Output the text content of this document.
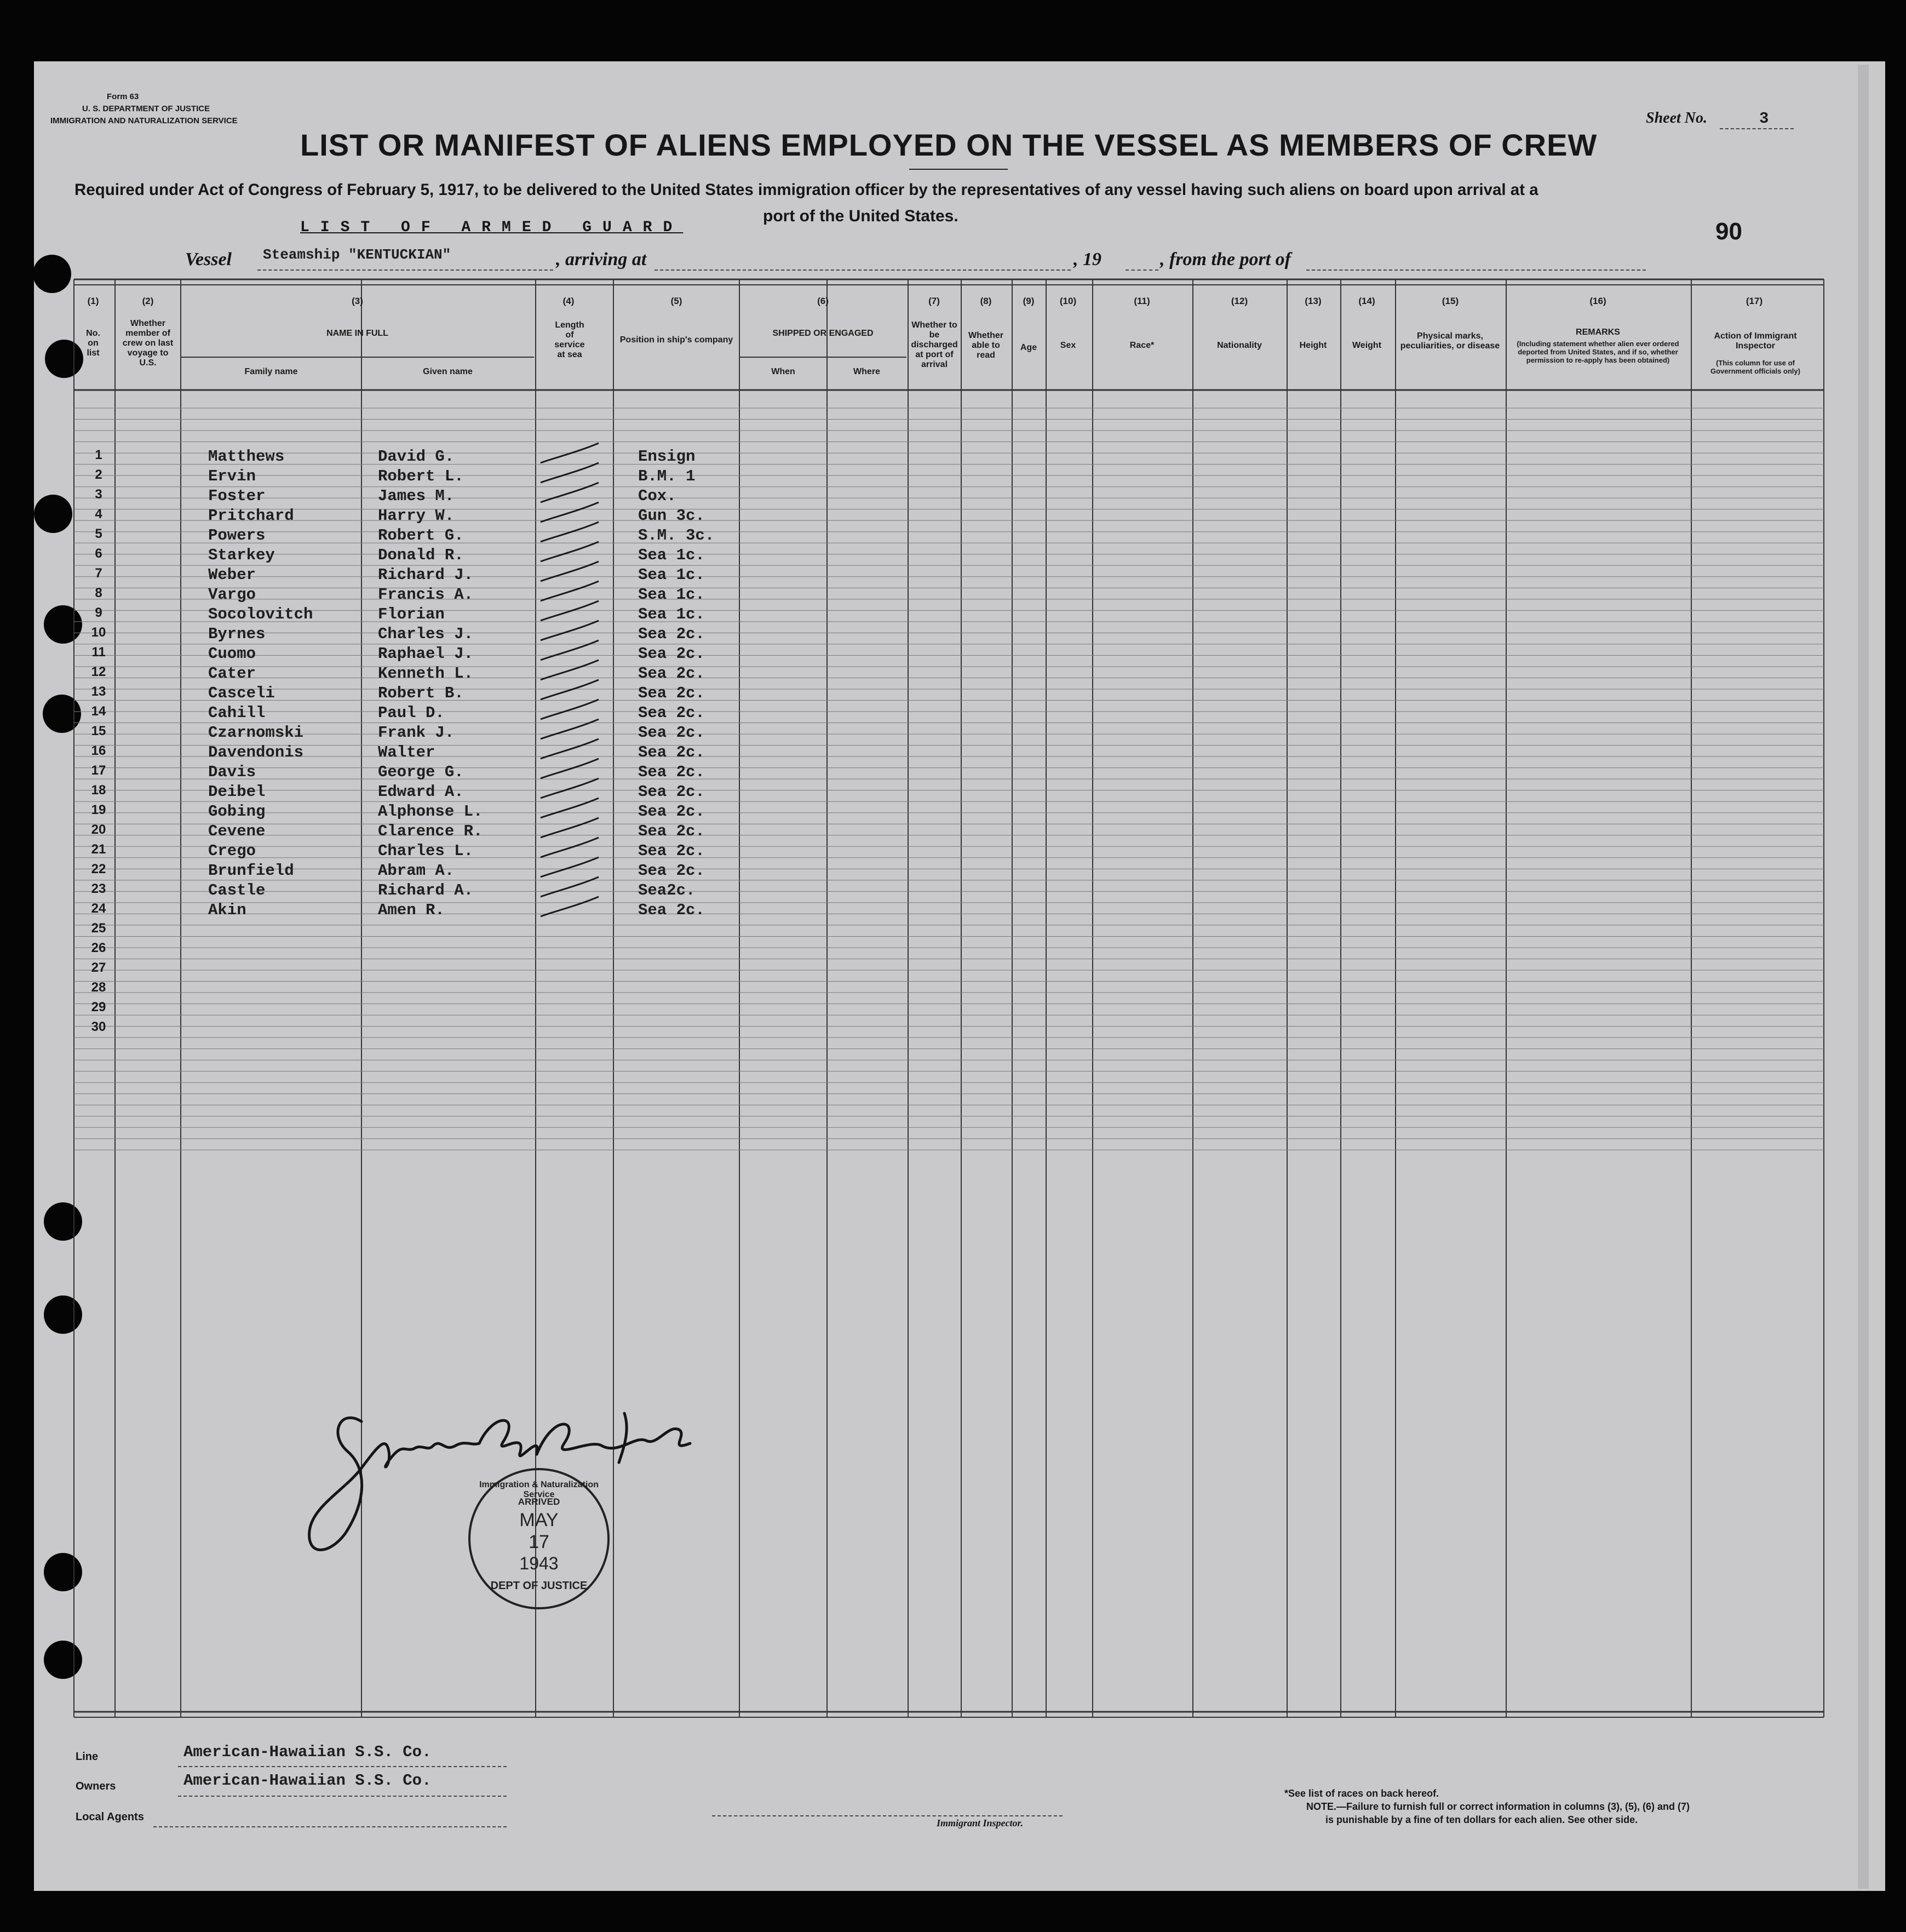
Form 63
U. S. DEPARTMENT OF JUSTICE
IMMIGRATION AND NATURALIZATION SERVICE	Sheet No.	3
LIST OR MANIFEST OF ALIENS EMPLOYED ON THE VESSEL AS MEMBERS OF CREW
Required under Act of Congress of February 5, 1917, to be delivered to the United States immigration officer by the representatives of any vessel having such aliens on board upon arrival at a
port of the United States.
90
LIST OF ARMED GUARD
Vessel Steamship "KENTUCKIAN"	, arriving at	, 19	, from the port of
(1)
No. on list
(2)
Whether member of crew on last voyage to U.S.
(3)
NAME IN FULL
Family name	Given name
(4)
Length of service at sea
(5)
Position in ship's company
(6)
SHIPPED OR ENGAGED
When	Where
(7)
Whether to be discharged at port of arrival
(8)
Whether able to read
(9)
Age
(10)
Sex
(11)
Race*
(12)
Nationality
(13)
Height
(14)
Weight
(15)
Physical marks, peculiarities, or disease
(16)
REMARKS
(Including statement whether alien ever ordered deported from United States, and if so, whether permission to re-apply has been obtained)
(17)
Action of Immigrant Inspector
(This column for use of Government officials only)
1	Matthews	David G.	Ensign
2	Ervin	Robert L.	B.M. 1
3	Foster	James M.	Cox.
4	Pritchard	Harry W.	Gun 3c.
5	Powers	Robert G.	S.M. 3c.
6	Starkey	Donald R.	Sea 1c.
7	Weber	Richard J.	Sea 1c.
8	Vargo	Francis A.	Sea 1c.
9	Socolovitch	Florian	Sea 1c.
10	Byrnes	Charles J.	Sea 2c.
11	Cuomo	Raphael J.	Sea 2c.
12	Cater	Kenneth L.	Sea 2c.
13	Casceli	Robert B.	Sea 2c.
14	Cahill	Paul D.	Sea 2c.
15	Czarnomski	Frank J.	Sea 2c.
16	Davendonis	Walter	Sea 2c.
17	Davis	George G.	Sea 2c.
18	Deibel	Edward A.	Sea 2c.
19	Gobing	Alphonse L.	Sea 2c.
20	Cevene	Clarence R.	Sea 2c.
21	Crego	Charles L.	Sea 2c.
22	Brunfield	Abram A.	Sea 2c.
23	Castle	Richard A.	Sea2c.
24	Akin	Amen R.	Sea 2c.
25
26
27
28
29
30
Immigration & Naturalization Service
ARRIVED
MAY
17
1943
DEPT OF JUSTICE
Line	American-Hawaiian S.S. Co.
Owners	American-Hawaiian S.S. Co.
Local Agents	Immigrant Inspector.
*See list of races on back hereof.
NOTE.—Failure to furnish full or correct information in columns (3), (5), (6) and (7)
is punishable by a fine of ten dollars for each alien. See other side.
